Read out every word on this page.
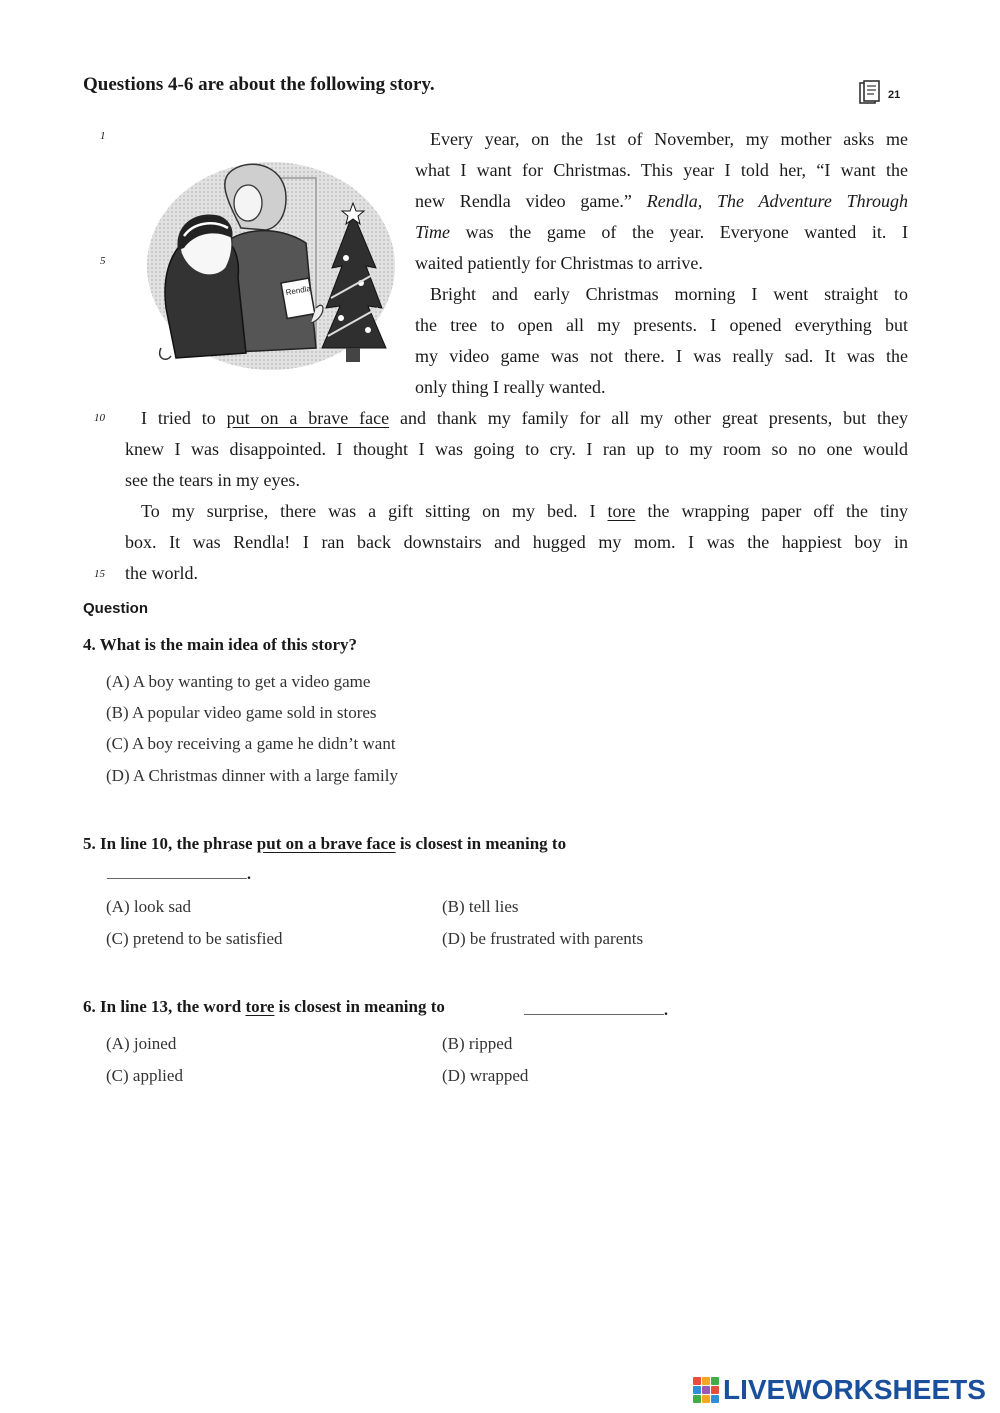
Questions 4-6 are about the following story.	21
1
5
10
15
Rendla
Every year, on the 1st of November, my mother asks me
what I want for Christmas. This year I told her, “I want the
new Rendla video game.” Rendla, The Adventure Through
Time was the game of the year. Everyone wanted it. I
waited patiently for Christmas to arrive.
Bright and early Christmas morning I went straight to
the tree to open all my presents. I opened everything but
my video game was not there. I was really sad. It was the
only thing I really wanted.
I tried to put on a brave face and thank my family for all my other great presents, but they
knew I was disappointed. I thought I was going to cry. I ran up to my room so no one would
see the tears in my eyes.
To my surprise, there was a gift sitting on my bed. I tore the wrapping paper off the tiny
box. It was Rendla! I ran back downstairs and hugged my mom. I was the happiest boy in
the world.
Question
4. What is the main idea of this story?
(A) A boy wanting to get a video game
(B) A popular video game sold in stores
(C) A boy receiving a game he didn’t want
(D) A Christmas dinner with a large family
5. In line 10, the phrase put on a brave face is closest in meaning to
.
(A) look sad	(B) tell lies
(C) pretend to be satisfied	(D) be frustrated with parents
6. In line 13, the word tore is closest in meaning to	.
(A) joined	(B) ripped
(C) applied	(D) wrapped
LIVEWORKSHEETS
